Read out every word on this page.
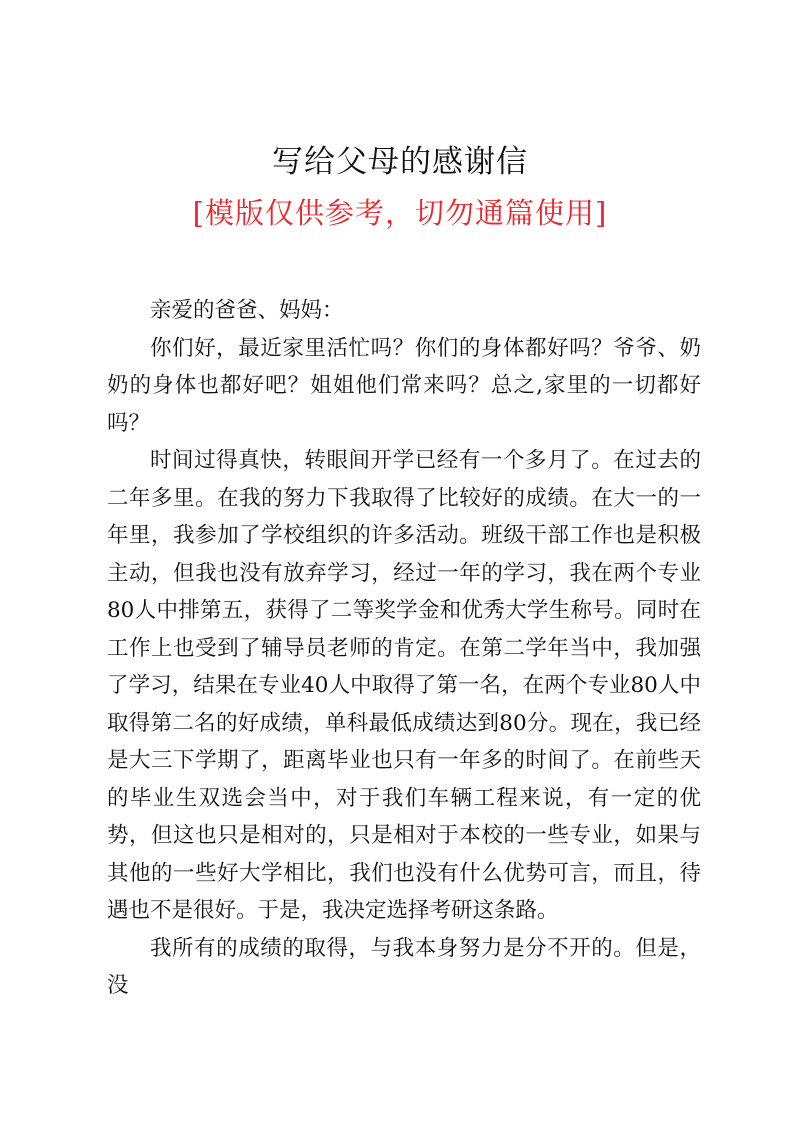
写给父母的感谢信
[模版仅供参考，切勿通篇使用]

亲爱的爸爸、妈妈：

你们好，最近家里活忙吗？你们的身体都好吗？爷爷、奶奶的身体也都好吧？姐姐他们常来吗？总之,家里的一切都好吗？

时间过得真快，转眼间开学已经有一个多月了。在过去的二年多里。在我的努力下我取得了比较好的成绩。在大一的一年里，我参加了学校组织的许多活动。班级干部工作也是积极主动，但我也没有放弃学习，经过一年的学习，我在两个专业80人中排第五，获得了二等奖学金和优秀大学生称号。同时在工作上也受到了辅导员老师的肯定。在第二学年当中，我加强了学习，结果在专业40人中取得了第一名，在两个专业80人中取得第二名的好成绩，单科最低成绩达到80分。现在，我已经是大三下学期了，距离毕业也只有一年多的时间了。在前些天的毕业生双选会当中，对于我们车辆工程来说，有一定的优势，但这也只是相对的，只是相对于本校的一些专业，如果与其他的一些好大学相比，我们也没有什么优势可言，而且，待遇也不是很好。于是，我决定选择考研这条路。

我所有的成绩的取得，与我本身努力是分不开的。但是，没
